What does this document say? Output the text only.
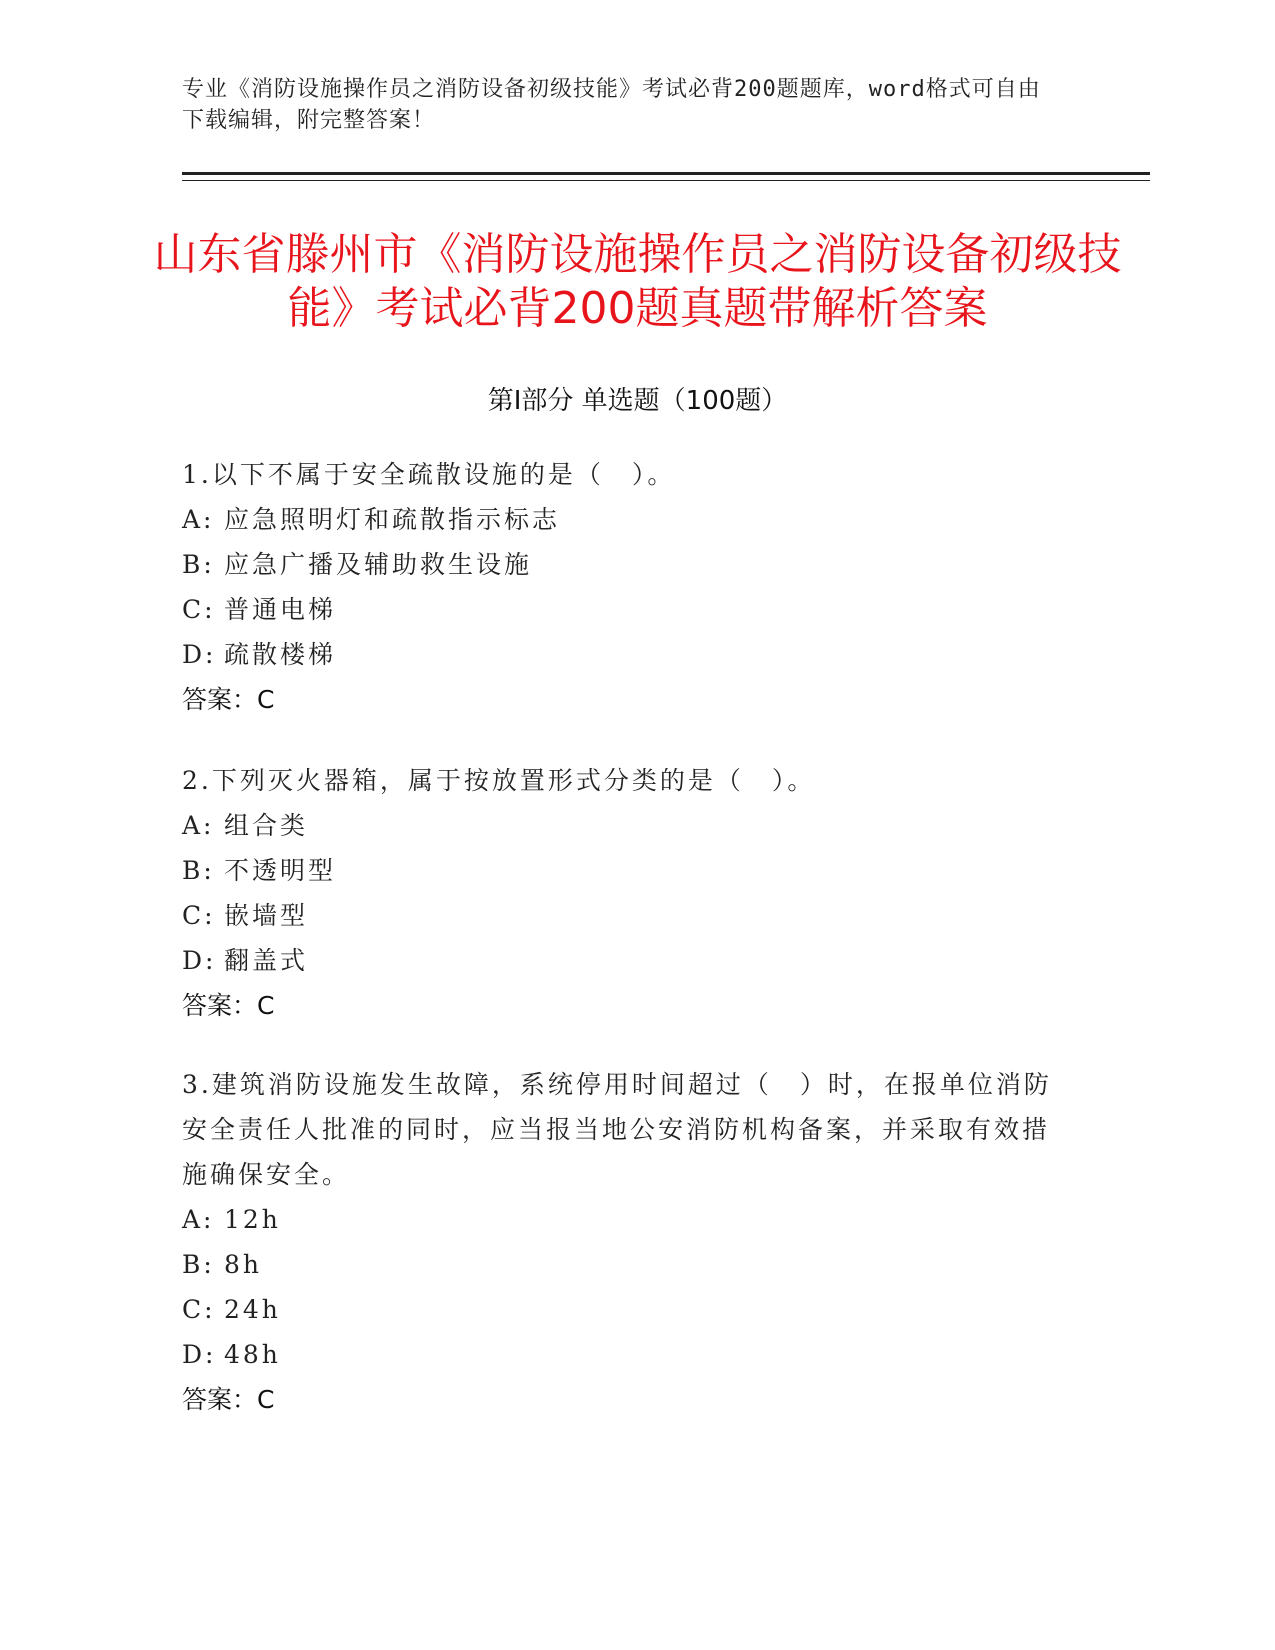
专业《消防设施操作员之消防设备初级技能》考试必背200题题库，word格式可自由下载编辑，附完整答案！
山东省滕州市《消防设施操作员之消防设备初级技能》考试必背200题真题带解析答案
第Ⅰ部分 单选题（100题）
1.以下不属于安全疏散设施的是（　）。
A: 应急照明灯和疏散指示标志
B: 应急广播及辅助救生设施
C: 普通电梯
D: 疏散楼梯
答案：C
2.下列灭火器箱，属于按放置形式分类的是（　）。
A: 组合类
B: 不透明型
C: 嵌墙型
D: 翻盖式
答案：C
3.建筑消防设施发生故障，系统停用时间超过（　）时，在报单位消防安全责任人批准的同时，应当报当地公安消防机构备案，并采取有效措施确保安全。
A: 12h
B: 8h
C: 24h
D: 48h
答案：C
